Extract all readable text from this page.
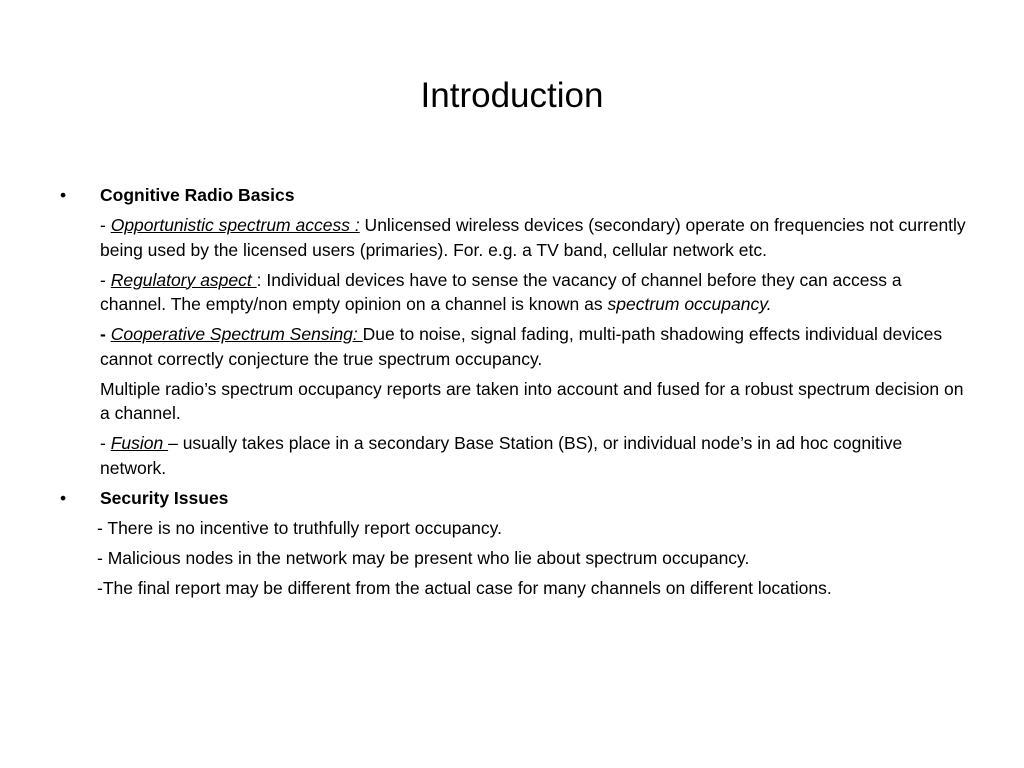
Introduction
• Cognitive Radio Basics
- Opportunistic spectrum access : Unlicensed wireless devices (secondary) operate on frequencies not currently being used by the licensed users (primaries). For. e.g. a TV band, cellular network etc.
- Regulatory aspect : Individual devices have to sense the vacancy of channel before they can access a channel. The empty/non empty opinion on a channel is known as spectrum occupancy.
- Cooperative Spectrum Sensing: Due to noise, signal fading, multi-path shadowing effects individual devices cannot correctly conjecture the true spectrum occupancy.
Multiple radio’s spectrum occupancy reports are taken into account and fused for a robust spectrum decision on a channel.
- Fusion – usually takes place in a secondary Base Station (BS), or individual node’s in ad hoc cognitive network.
• Security Issues
- There is no incentive to truthfully report occupancy.
- Malicious nodes in the network may be present who lie about spectrum occupancy.
-The final report may be different from the actual case for many channels on different locations.
